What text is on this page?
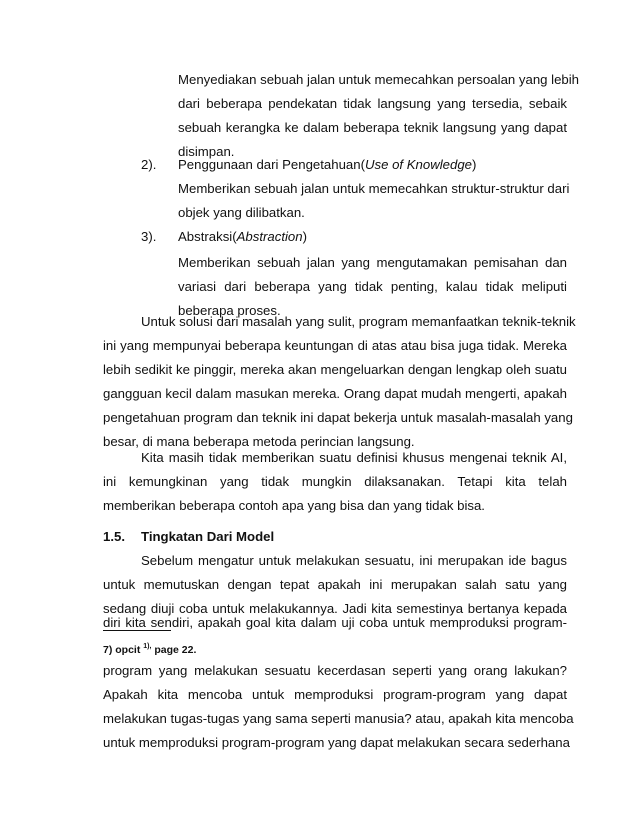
Menyediakan sebuah jalan untuk memecahkan persoalan yang lebih
dari beberapa pendekatan tidak langsung yang tersedia, sebaik
sebuah kerangka ke dalam beberapa teknik langsung yang dapat
disimpan.
2). Penggunaan dari Pengetahuan(Use of Knowledge)
Memberikan sebuah jalan untuk memecahkan struktur-struktur dari
objek yang dilibatkan.
3). Abstraksi(Abstraction)
Memberikan sebuah jalan yang mengutamakan pemisahan dan
variasi dari beberapa yang tidak penting, kalau tidak meliputi
beberapa proses.
Untuk solusi dari masalah yang sulit, program memanfaatkan teknik-teknik
ini yang mempunyai beberapa keuntungan di atas atau bisa juga tidak. Mereka
lebih sedikit ke pinggir, mereka akan mengeluarkan dengan lengkap oleh suatu
gangguan kecil dalam masukan mereka. Orang dapat mudah mengerti, apakah
pengetahuan program dan teknik ini dapat bekerja untuk masalah-masalah yang
besar, di mana beberapa metoda perincian langsung.
Kita masih tidak memberikan suatu definisi khusus mengenai teknik AI,
ini kemungkinan yang tidak mungkin dilaksanakan. Tetapi kita telah
memberikan beberapa contoh apa yang bisa dan yang tidak bisa.
1.5. Tingkatan Dari Model
Sebelum mengatur untuk melakukan sesuatu, ini merupakan ide bagus
untuk memutuskan dengan tepat apakah ini merupakan salah satu yang
sedang diuji coba untuk melakukannya. Jadi kita semestinya bertanya kepada
diri kita sendiri, apakah goal kita dalam uji coba untuk memproduksi program-
7) opcit $^{1),}$ page 22.
program yang melakukan sesuatu kecerdasan seperti yang orang lakukan?
Apakah kita mencoba untuk memproduksi program-program yang dapat
melakukan tugas-tugas yang sama seperti manusia? atau, apakah kita mencoba
untuk memproduksi program-program yang dapat melakukan secara sederhana
